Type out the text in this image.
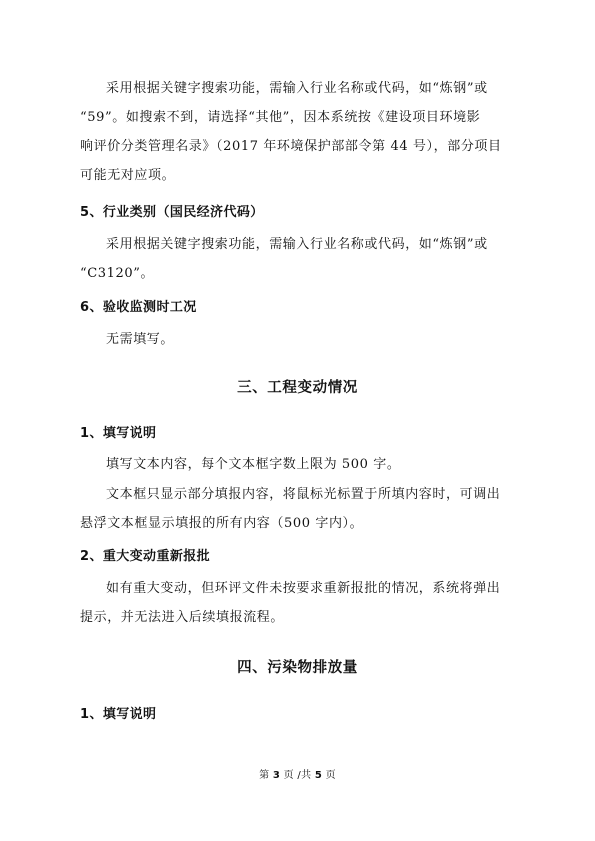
采用根据关键字搜索功能，需输入行业名称或代码，如“炼钢”或
“59”。如搜索不到，请选择“其他”，因本系统按《建设项目环境影
响评价分类管理名录》（2017 年环境保护部部令第 44 号），部分项目
可能无对应项。
5、行业类别（国民经济代码）
采用根据关键字搜索功能，需输入行业名称或代码，如“炼钢”或
“C3120”。
6、验收监测时工况
无需填写。
三、工程变动情况
1、填写说明
填写文本内容，每个文本框字数上限为 500 字。
文本框只显示部分填报内容，将鼠标光标置于所填内容时，可调出
悬浮文本框显示填报的所有内容（500 字内）。
2、重大变动重新报批
如有重大变动，但环评文件未按要求重新报批的情况，系统将弹出
提示，并无法进入后续填报流程。
四、污染物排放量
1、填写说明
第 3 页 /共 5 页
